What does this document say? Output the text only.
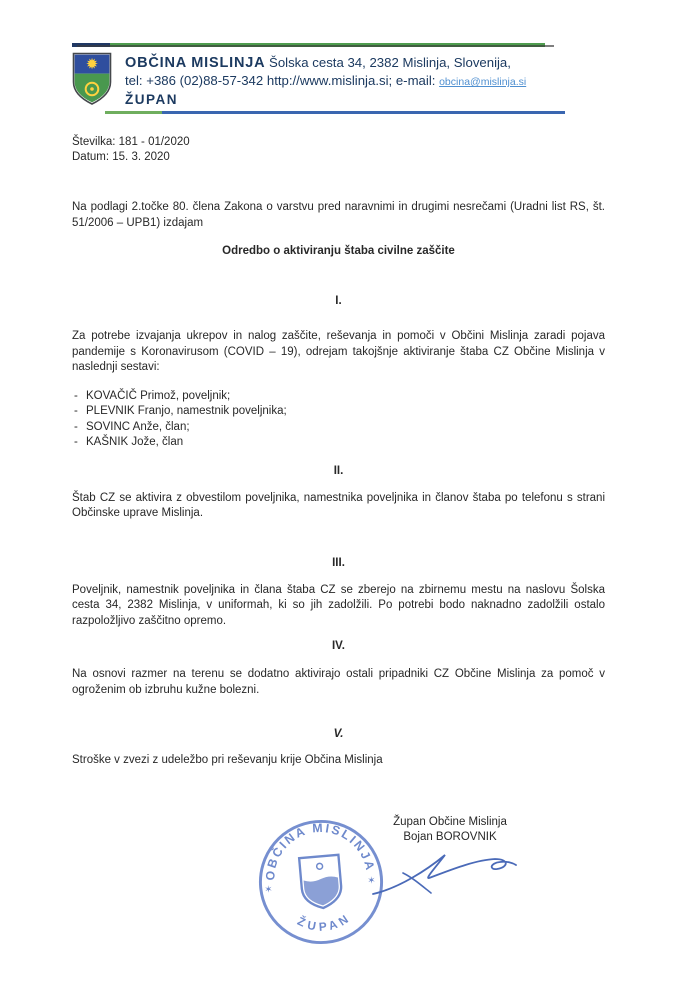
✹ OBČINA MISLINJA Šolska cesta 34, 2382 Mislinja, Slovenija,
tel: +386 (02)88-57-342 http://www.mislinja.si; e-mail: obcina@mislinja.si
ŽUPAN
Številka: 181 - 01/2020
Datum: 15. 3. 2020

Na podlagi 2.točke 80. člena Zakona o varstvu pred naravnimi in drugimi nesrečami (Uradni list RS, št. 51/2006 – UPB1) izdajam

Odredbo o aktiviranju štaba civilne zaščite
I.

Za potrebe izvajanja ukrepov in nalog zaščite, reševanja in pomoči v Občini Mislinja zaradi pojava pandemije s Koronavirusom (COVID – 19), odrejam takojšnje aktiviranje štaba CZ Občine Mislinja v naslednji sestavi:

- KOVAČIČ Primož, poveljnik;
- PLEVNIK Franjo, namestnik poveljnika;
- SOVINC Anže, član;
- KAŠNIK Jože, član
II.

Štab CZ se aktivira z obvestilom poveljnika, namestnika poveljnika in članov štaba po telefonu s strani Občinske uprave Mislinja.

III.

Poveljnik, namestnik poveljnika in člana štaba CZ se zberejo na zbirnemu mestu na naslovu Šolska cesta 34, 2382 Mislinja, v uniformah, ki so jih zadolžili. Po potrebi bodo naknadno zadolžili ostalo razpoložljivo zaščitno opremo.

IV.

Na osnovi razmer na terenu se dodatno aktivirajo ostali pripadniki CZ Občine Mislinja za pomoč v ogroženim ob izbruhu kužne bolezni.

V.

Stroške v zvezi z udeležbo pri reševanju krije Občina Mislinja

OBČINA MISLINJA
ŽUPAN
✶
✶
Župan Občine Mislinja
Bojan BOROVNIK
